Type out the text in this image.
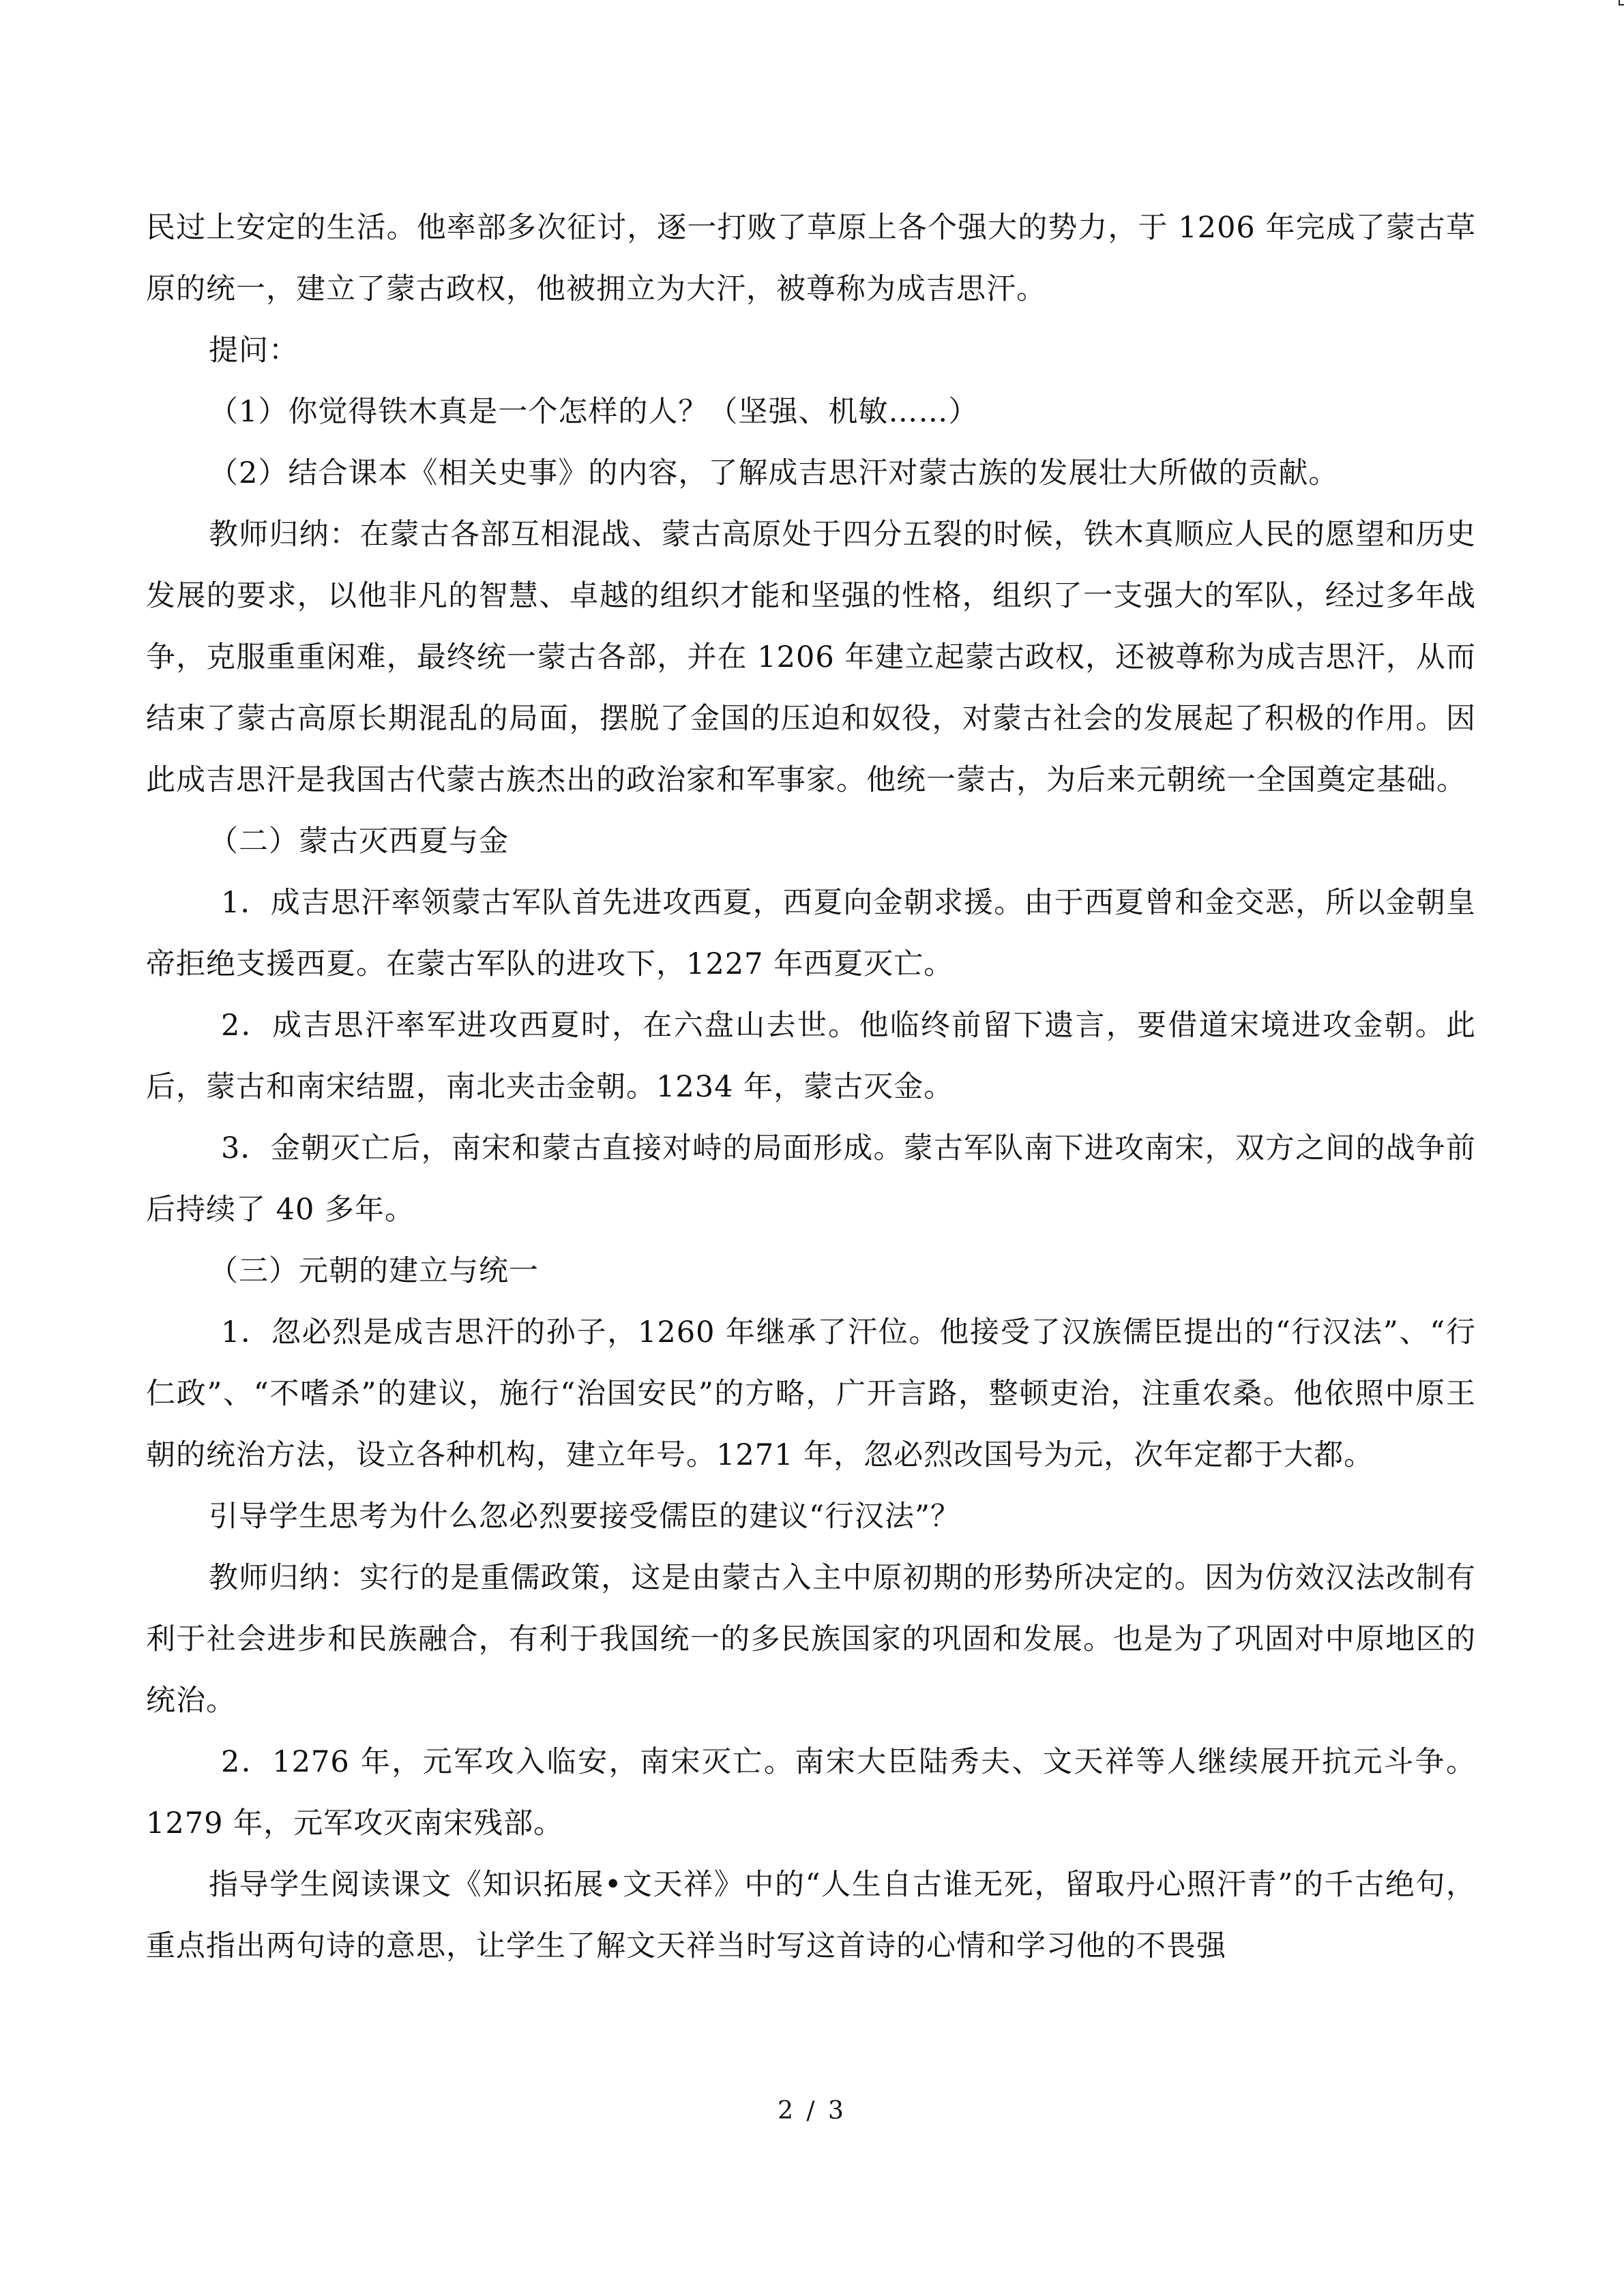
民过上安定的生活。他率部多次征讨，逐一打败了草原上各个强大的势力，于 1206 年完成了蒙古草原的统一，建立了蒙古政权，他被拥立为大汗，被尊称为成吉思汗。

提问：

（1）你觉得铁木真是一个怎样的人？（坚强、机敏……）

（2）结合课本《相关史事》的内容，了解成吉思汗对蒙古族的发展壮大所做的贡献。

教师归纳：在蒙古各部互相混战、蒙古高原处于四分五裂的时候，铁木真顺应人民的愿望和历史发展的要求，以他非凡的智慧、卓越的组织才能和坚强的性格，组织了一支强大的军队，经过多年战争，克服重重闲难，最终统一蒙古各部，并在 1206 年建立起蒙古政权，还被尊称为成吉思汗，从而结束了蒙古高原长期混乱的局面，摆脱了金国的压迫和奴役，对蒙古社会的发展起了积极的作用。因此成吉思汗是我国古代蒙古族杰出的政治家和军事家。他统一蒙古，为后来元朝统一全国奠定基础。

（二）蒙古灭西夏与金

1．成吉思汗率领蒙古军队首先进攻西夏，西夏向金朝求援。由于西夏曾和金交恶，所以金朝皇帝拒绝支援西夏。在蒙古军队的进攻下，1227 年西夏灭亡。

2．成吉思汗率军进攻西夏时，在六盘山去世。他临终前留下遗言，要借道宋境进攻金朝。此后，蒙古和南宋结盟，南北夹击金朝。1234 年，蒙古灭金。

3．金朝灭亡后，南宋和蒙古直接对峙的局面形成。蒙古军队南下进攻南宋，双方之间的战争前后持续了 40 多年。

（三）元朝的建立与统一

1．忽必烈是成吉思汗的孙子，1260 年继承了汗位。他接受了汉族儒臣提出的“行汉法”、“行仁政”、“不嗜杀”的建议，施行“治国安民”的方略，广开言路，整顿吏治，注重农桑。他依照中原王朝的统治方法，设立各种机构，建立年号。1271 年，忽必烈改国号为元，次年定都于大都。

引导学生思考为什么忽必烈要接受儒臣的建议“行汉法”？

教师归纳：实行的是重儒政策，这是由蒙古入主中原初期的形势所决定的。因为仿效汉法改制有利于社会进步和民族融合，有利于我国统一的多民族国家的巩固和发展。也是为了巩固对中原地区的统治。

2．1276 年，元军攻入临安，南宋灭亡。南宋大臣陆秀夫、文天祥等人继续展开抗元斗争。1279 年，元军攻灭南宋残部。

指导学生阅读课文《知识拓展•文天祥》中的“人生自古谁无死，留取丹心照汗青”的千古绝句，重点指出两句诗的意思，让学生了解文天祥当时写这首诗的心情和学习他的不畏强

2 / 3
